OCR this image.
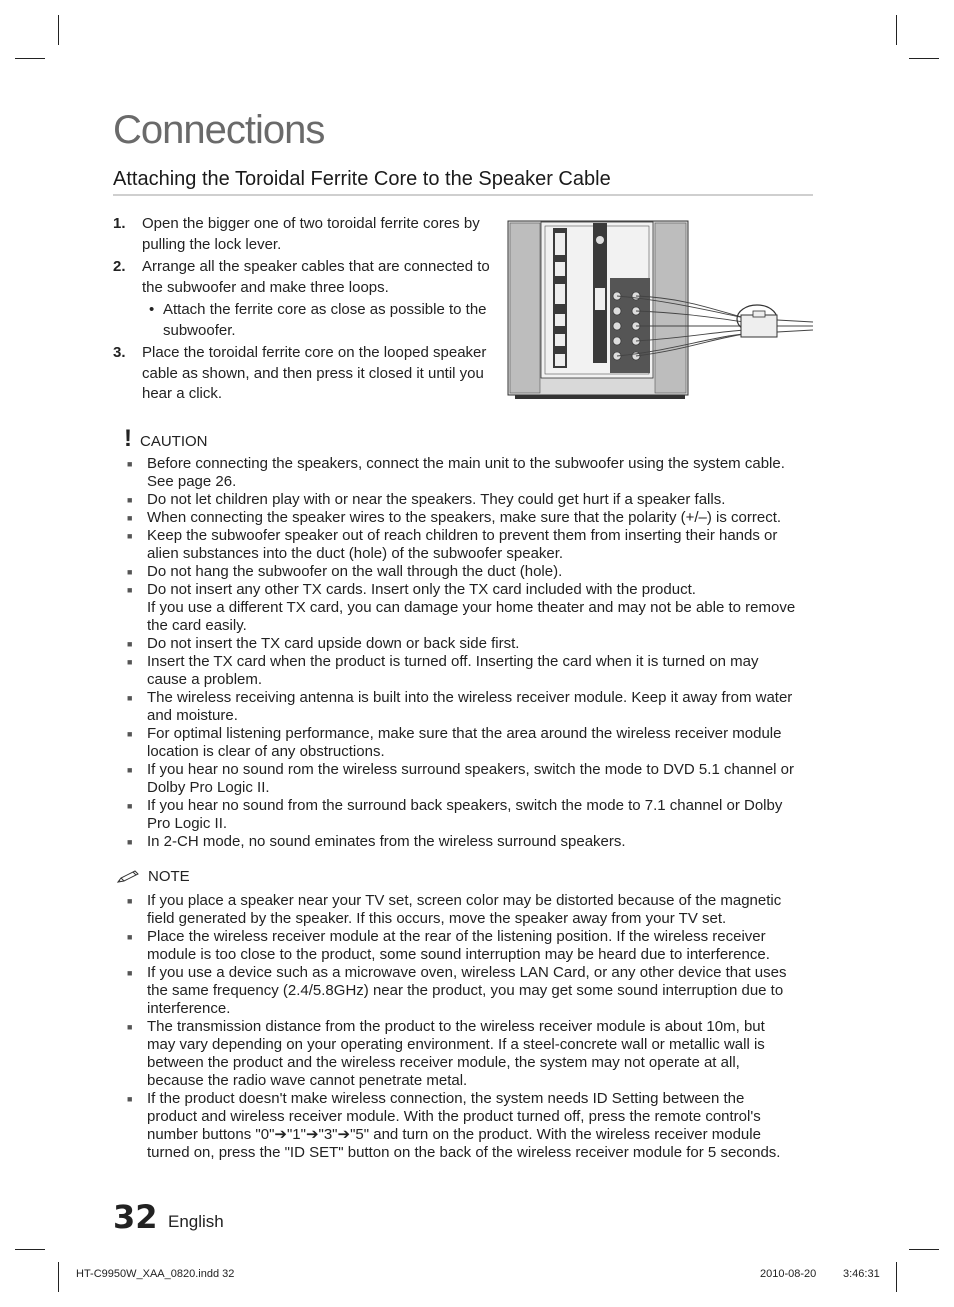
Connections
Attaching the Toroidal Ferrite Core to the Speaker Cable
1.	Open the bigger one of two toroidal ferrite cores by pulling the lock lever.
2.	Arrange all the speaker cables that are connected to the subwoofer and make three loops.
• Attach the ferrite core as close as possible to the subwoofer.
3.	Place the toroidal ferrite core on the looped speaker cable as shown, and then press it closed it until you hear a click.
! CAUTION
■ Before connecting the speakers, connect the main unit to the subwoofer using the system cable.
See page 26.
■ Do not let children play with or near the speakers. They could get hurt if a speaker falls.
■ When connecting the speaker wires to the speakers, make sure that the polarity (+/–) is correct.
■ Keep the subwoofer speaker out of reach children to prevent them from inserting their hands or
alien substances into the duct (hole) of the subwoofer speaker.
■ Do not hang the subwoofer on the wall through the duct (hole).
■ Do not insert any other TX cards. Insert only the TX card included with the product.
If you use a different TX card, you can damage your home theater and may not be able to remove
the card easily.
■ Do not insert the TX card upside down or back side first.
■ Insert the TX card when the product is turned off. Inserting the card when it is turned on may
cause a problem.
■ The wireless receiving antenna is built into the wireless receiver module. Keep it away from water
and moisture.
■ For optimal listening performance, make sure that the area around the wireless receiver module
location is clear of any obstructions.
■ If you hear no sound rom the wireless surround speakers, switch the mode to DVD 5.1 channel or
Dolby Pro Logic II.
■ If you hear no sound from the surround back speakers, switch the mode to 7.1 channel or Dolby
Pro Logic II.
■ In 2-CH mode, no sound eminates from the wireless surround speakers.
NOTE
■ If you place a speaker near your TV set, screen color may be distorted because of the magnetic
field generated by the speaker. If this occurs, move the speaker away from your TV set.
■ Place the wireless receiver module at the rear of the listening position. If the wireless receiver
module is too close to the product, some sound interruption may be heard due to interference.
■ If you use a device such as a microwave oven, wireless LAN Card, or any other device that uses
the same frequency (2.4/5.8GHz) near the product, you may get some sound interruption due to
interference.
■ The transmission distance from the product to the wireless receiver module is about 10m, but
may vary depending on your operating environment. If a steel-concrete wall or metallic wall is
between the product and the wireless receiver module, the system may not operate at all,
because the radio wave cannot penetrate metal.
■ If the product doesn't make wireless connection, the system needs ID Setting between the
product and wireless receiver module. With the product turned off, press the remote control's
number buttons "0"➔"1"➔"3"➔"5" and turn on the product. With the wireless receiver module
turned on, press the "ID SET" button on the back of the wireless receiver module for 5 seconds.
32 English
HT-C9950W_XAA_0820.indd 32	2010-08-20 3:46:31
